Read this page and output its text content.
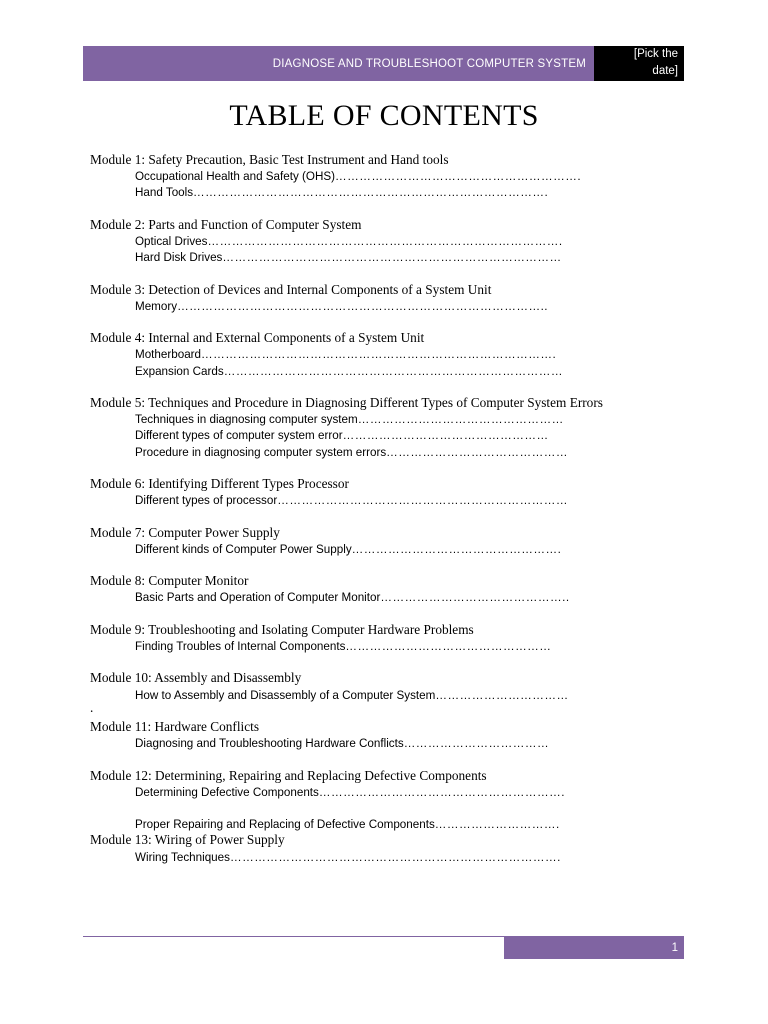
DIAGNOSE AND TROUBLESHOOT COMPUTER SYSTEM
[Pick the
date]
TABLE OF CONTENTS
Module 1: Safety Precaution, Basic Test Instrument and Hand tools
Occupational Health and Safety (OHS)…………………………………………………….
Hand Tools…………………………………………………………………………….
Module 2: Parts and Function of Computer System
Optical Drives…………………………………………………………………………….
Hard Disk Drives…………………………………………………………………………
Module 3: Detection of Devices and Internal Components of a System Unit
Memory………………………………………………………………………………..
Module 4: Internal and External Components of a System Unit
Motherboard…………………………………………………………………………….
Expansion Cards…………………………………………………………………………
Module 5: Techniques and Procedure in Diagnosing Different Types of Computer System Errors
Techniques in diagnosing computer system……………………………………………
Different types of computer system error……………………………………………
Procedure in diagnosing computer system errors………………………………………
Module 6: Identifying Different Types Processor
Different types of processor………………………………………………………………
Module 7: Computer Power Supply
Different kinds of Computer Power Supply…………………………………………….
Module 8: Computer Monitor
Basic Parts and Operation of Computer Monitor………………………………………..
Module 9: Troubleshooting and Isolating Computer Hardware Problems
Finding Troubles of Internal Components……………………………………………
Module 10: Assembly and Disassembly
How to Assembly and Disassembly of a Computer System……………………………
.
Module 11: Hardware Conflicts
Diagnosing and Troubleshooting Hardware Conflicts………………………………
Module 12: Determining, Repairing and Replacing Defective Components
Determining Defective Components…………………………………………………….
Proper Repairing and Replacing of Defective Components………………………….
Module 13: Wiring of Power Supply
Wiring Techniques……………………………………………………………………….
1
